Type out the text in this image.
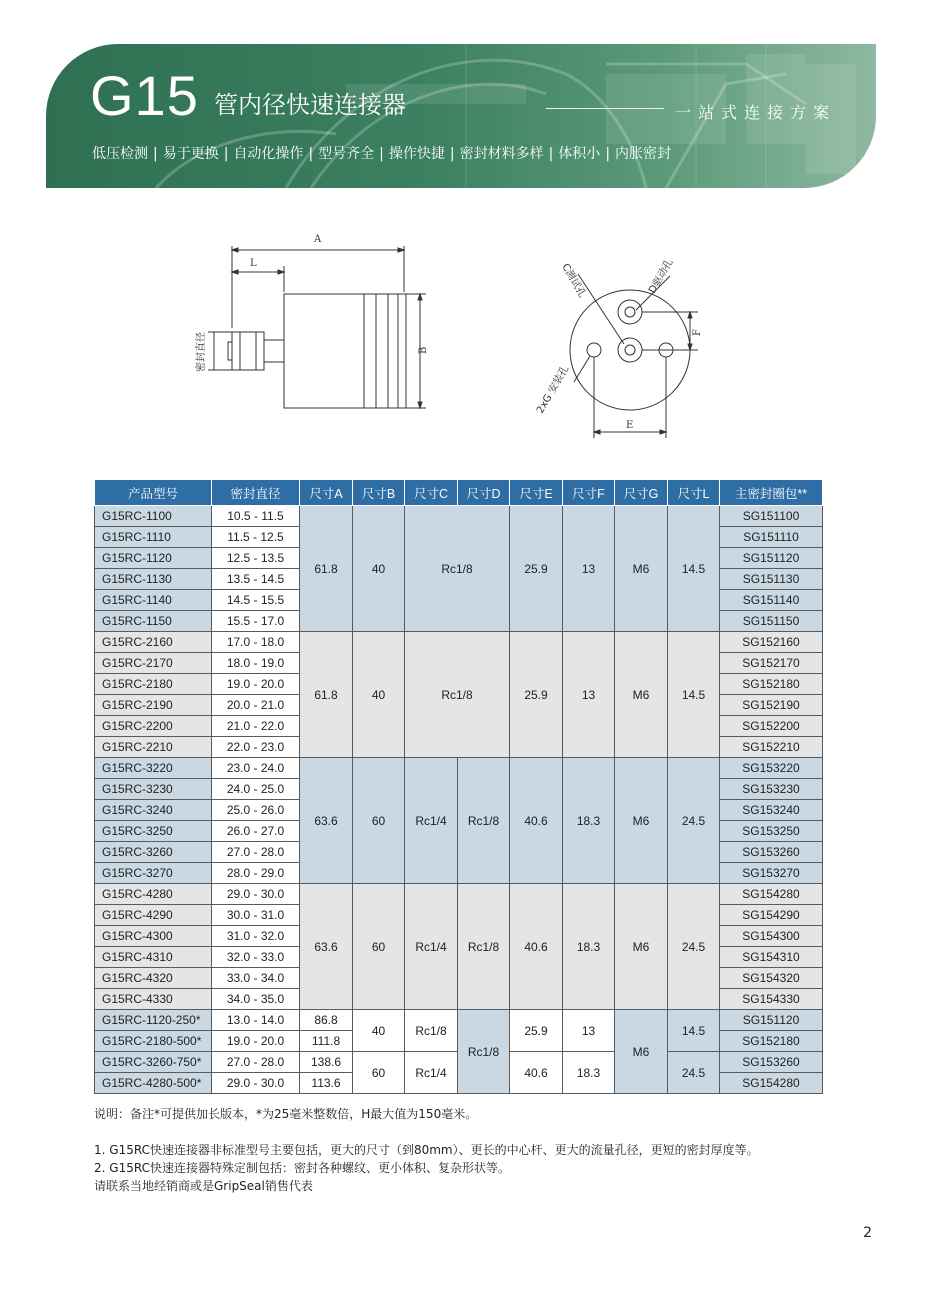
G15 管内径快速连接器	一站式连接方案
低压检测 | 易于更换 | 自动化操作 | 型号齐全 | 操作快捷 | 密封材料多样 | 体积小 | 内胀密封
A
L
B
密封直径
C测试孔	D驱动孔
2xG 安装孔
F
E
产品型号	密封直径	尺寸A	尺寸B	尺寸C	尺寸D	尺寸E	尺寸F	尺寸G	尺寸L	主密封圈包**
G15RC-1100	10.5 - 11.5	61.8	40	Rc1/8		25.9	13	M6	14.5	SG151100
G15RC-1110	11.5 - 12.5									SG151110
G15RC-1120	12.5 - 13.5									SG151120
G15RC-1130	13.5 - 14.5									SG151130
G15RC-1140	14.5 - 15.5									SG151140
G15RC-1150	15.5 - 17.0									SG151150
G15RC-2160	17.0 - 18.0	61.8	40	Rc1/8		25.9	13	M6	14.5	SG152160
G15RC-2170	18.0 - 19.0									SG152170
G15RC-2180	19.0 - 20.0									SG152180
G15RC-2190	20.0 - 21.0									SG152190
G15RC-2200	21.0 - 22.0									SG152200
G15RC-2210	22.0 - 23.0									SG152210
G15RC-3220	23.0 - 24.0	63.6	60	Rc1/4	Rc1/8	40.6	18.3	M6	24.5	SG153220
G15RC-3230	24.0 - 25.0									SG153230
G15RC-3240	25.0 - 26.0									SG153240
G15RC-3250	26.0 - 27.0									SG153250
G15RC-3260	27.0 - 28.0									SG153260
G15RC-3270	28.0 - 29.0									SG153270
G15RC-4280	29.0 - 30.0	63.6	60	Rc1/4	Rc1/8	40.6	18.3	M6	24.5	SG154280
G15RC-4290	30.0 - 31.0									SG154290
G15RC-4300	31.0 - 32.0									SG154300
G15RC-4310	32.0 - 33.0									SG154310
G15RC-4320	33.0 - 34.0									SG154320
G15RC-4330	34.0 - 35.0									SG154330
G15RC-1120-250*	13.0 - 14.0	86.8	40	Rc1/8	Rc1/8	25.9	13	M6	14.5	SG151120
G15RC-2180-500*	19.0 - 20.0	111.8								SG152180
G15RC-3260-750*	27.0 - 28.0	138.6	60	Rc1/4		40.6	18.3		24.5	SG153260
G15RC-4280-500*	29.0 - 30.0	113.6								SG154280

说明：备注*可提供加长版本，*为25毫米整数倍，H最大值为150毫米。

1. G15RC快速连接器非标准型号主要包括，更大的尺寸（到80mm）、更长的中心杆、更大的流量孔径，更短的密封厚度等。

2. G15RC快速连接器特殊定制包括：密封各种螺纹、更小体积、复杂形状等。

请联系当地经销商或是GripSeal销售代表

2
